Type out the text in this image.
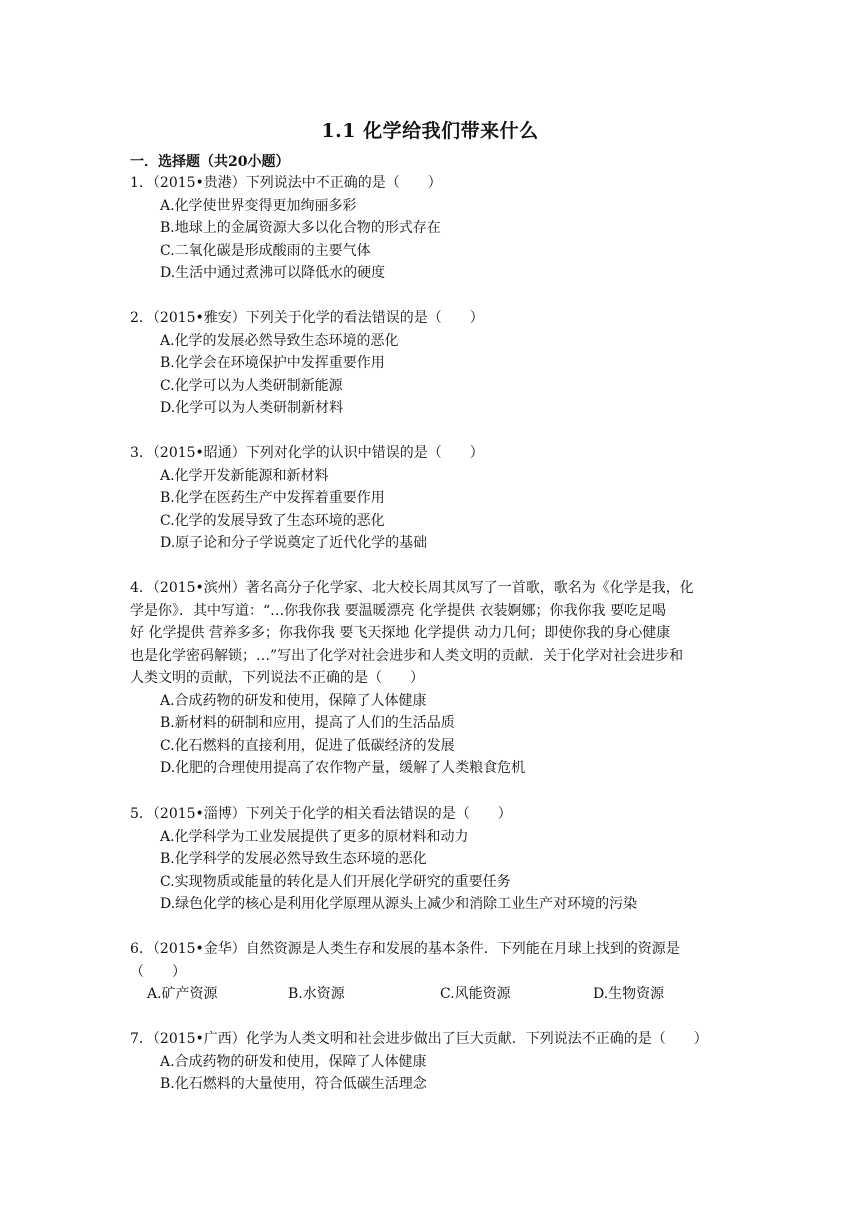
1.1 化学给我们带来什么
一．选择题（共20小题）

1．（2015•贵港）下列说法中不正确的是（　　）

A.化学使世界变得更加绚丽多彩

B.地球上的金属资源大多以化合物的形式存在

C.二氧化碳是形成酸雨的主要气体

D.生活中通过煮沸可以降低水的硬度

2．（2015•雅安）下列关于化学的看法错误的是（　　）

A.化学的发展必然导致生态环境的恶化

B.化学会在环境保护中发挥重要作用

C.化学可以为人类研制新能源

D.化学可以为人类研制新材料

3．（2015•昭通）下列对化学的认识中错误的是（　　）

A.化学开发新能源和新材料

B.化学在医药生产中发挥着重要作用

C.化学的发展导致了生态环境的恶化

D.原子论和分子学说奠定了近代化学的基础

4．（2015•滨州）著名高分子化学家、北大校长周其凤写了一首歌，歌名为《化学是我，化

学是你》．其中写道：“…你我你我 要温暖漂亮 化学提供 衣装婀娜；你我你我 要吃足喝

好 化学提供 营养多多；你我你我 要飞天探地 化学提供 动力几何；即使你我的身心健康

也是化学密码解锁；…”写出了化学对社会进步和人类文明的贡献．关于化学对社会进步和

人类文明的贡献，下列说法不正确的是（　　）

A.合成药物的研发和使用，保障了人体健康

B.新材料的研制和应用，提高了人们的生活品质

C.化石燃料的直接利用，促进了低碳经济的发展

D.化肥的合理使用提高了农作物产量，缓解了人类粮食危机

5．（2015•淄博）下列关于化学的相关看法错误的是（　　）

A.化学科学为工业发展提供了更多的原材料和动力

B.化学科学的发展必然导致生态环境的恶化

C.实现物质或能量的转化是人们开展化学研究的重要任务

D.绿色化学的核心是利用化学原理从源头上减少和消除工业生产对环境的污染

6．（2015•金华）自然资源是人类生存和发展的基本条件．下列能在月球上找到的资源是

（　　）

A.矿产资源	B.水资源	C.风能资源	D.生物资源

7．（2015•广西）化学为人类文明和社会进步做出了巨大贡献．下列说法不正确的是（　　）

A.合成药物的研发和使用，保障了人体健康

B.化石燃料的大量使用，符合低碳生活理念
